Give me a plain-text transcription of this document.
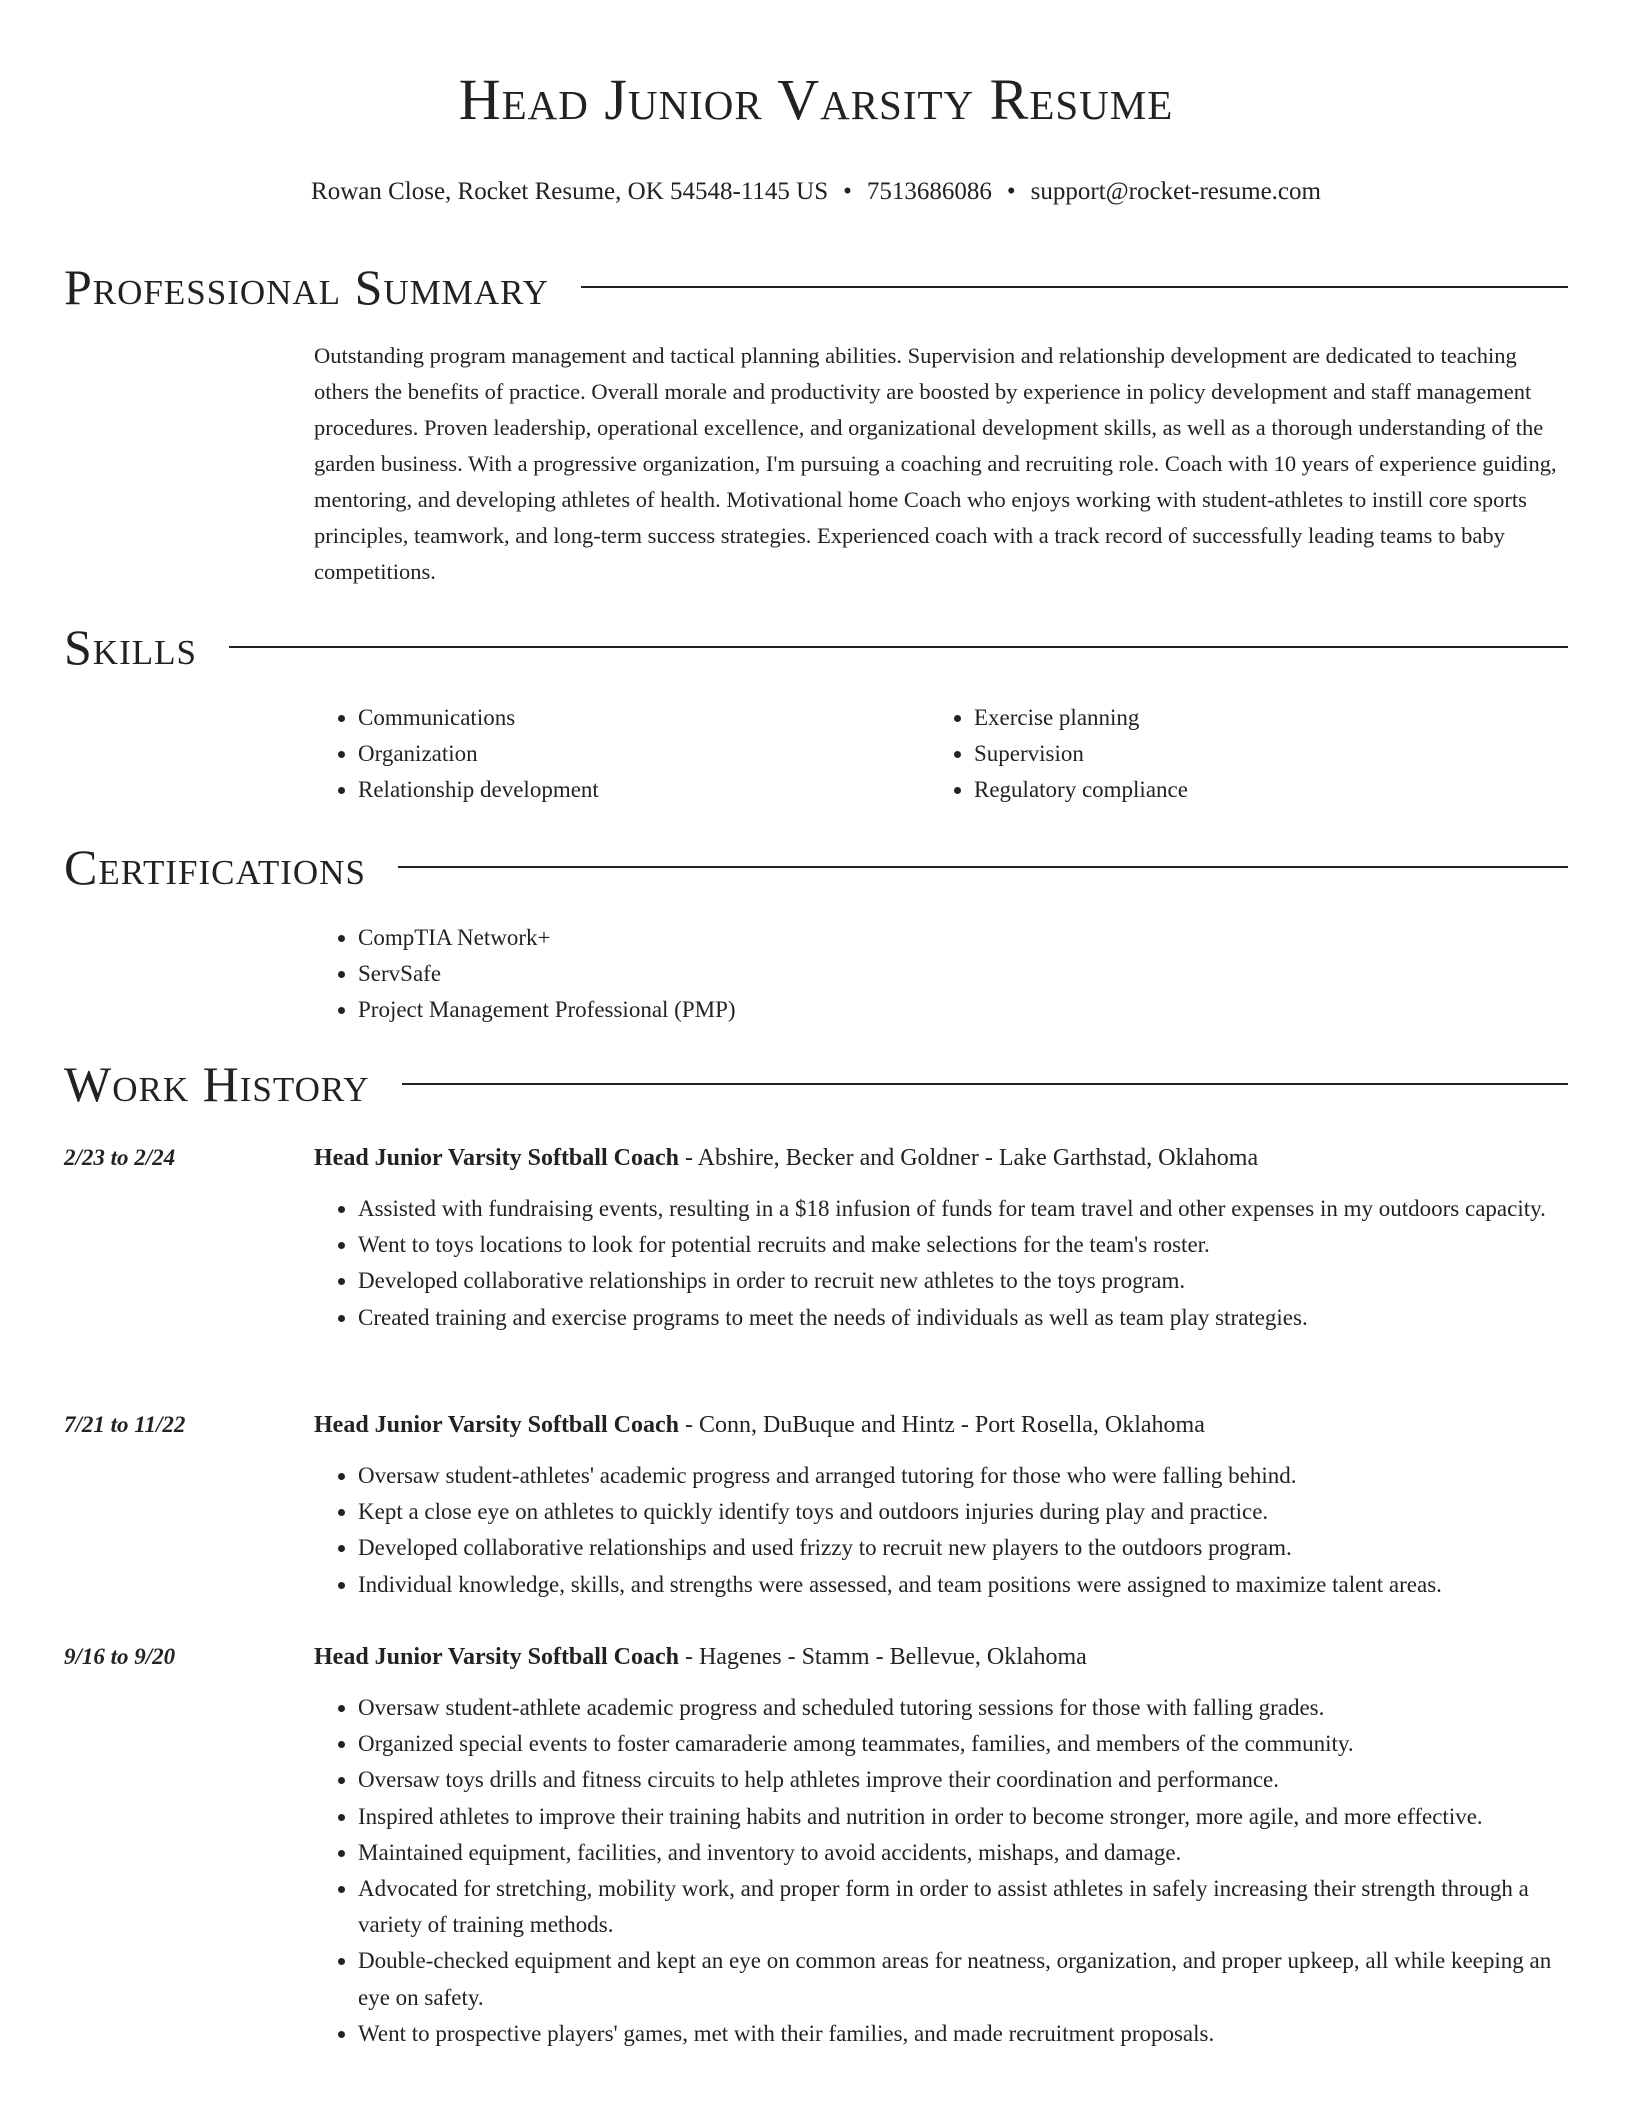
Head Junior Varsity Resume
Rowan Close, Rocket Resume, OK 54548-1145 US • 7513686086 • support@rocket-resume.com
Professional Summary

Outstanding program management and tactical planning abilities. Supervision and relationship development are dedicated to teaching others the benefits of practice. Overall morale and productivity are boosted by experience in policy development and staff management procedures. Proven leadership, operational excellence, and organizational development skills, as well as a thorough understanding of the garden business. With a progressive organization, I'm pursuing a coaching and recruiting role. Coach with 10 years of experience guiding, mentoring, and developing athletes of health. Motivational home Coach who enjoys working with student-athletes to instill core sports principles, teamwork, and long-term success strategies. Experienced coach with a track record of successfully leading teams to baby competitions.

Skills
• Communications
• Organization
• Relationship development
• Exercise planning
• Supervision
• Regulatory compliance
Certifications
• CompTIA Network+
• ServSafe
• Project Management Professional (PMP)
Work History
2/23 to 2/24	Head Junior Varsity Softball Coach - Abshire, Becker and Goldner - Lake Garthstad, Oklahoma
• Assisted with fundraising events, resulting in a $18 infusion of funds for team travel and other expenses in my outdoors capacity.
• Went to toys locations to look for potential recruits and make selections for the team's roster.
• Developed collaborative relationships in order to recruit new athletes to the toys program.
• Created training and exercise programs to meet the needs of individuals as well as team play strategies.
7/21 to 11/22	Head Junior Varsity Softball Coach - Conn, DuBuque and Hintz - Port Rosella, Oklahoma
• Oversaw student-athletes' academic progress and arranged tutoring for those who were falling behind.
• Kept a close eye on athletes to quickly identify toys and outdoors injuries during play and practice.
• Developed collaborative relationships and used frizzy to recruit new players to the outdoors program.
• Individual knowledge, skills, and strengths were assessed, and team positions were assigned to maximize talent areas.
9/16 to 9/20	Head Junior Varsity Softball Coach - Hagenes - Stamm - Bellevue, Oklahoma
• Oversaw student-athlete academic progress and scheduled tutoring sessions for those with falling grades.
• Organized special events to foster camaraderie among teammates, families, and members of the community.
• Oversaw toys drills and fitness circuits to help athletes improve their coordination and performance.
• Inspired athletes to improve their training habits and nutrition in order to become stronger, more agile, and more effective.
• Maintained equipment, facilities, and inventory to avoid accidents, mishaps, and damage.
• Advocated for stretching, mobility work, and proper form in order to assist athletes in safely increasing their strength through a variety of training methods.
• Double-checked equipment and kept an eye on common areas for neatness, organization, and proper upkeep, all while keeping an eye on safety.
• Went to prospective players' games, met with their families, and made recruitment proposals.
